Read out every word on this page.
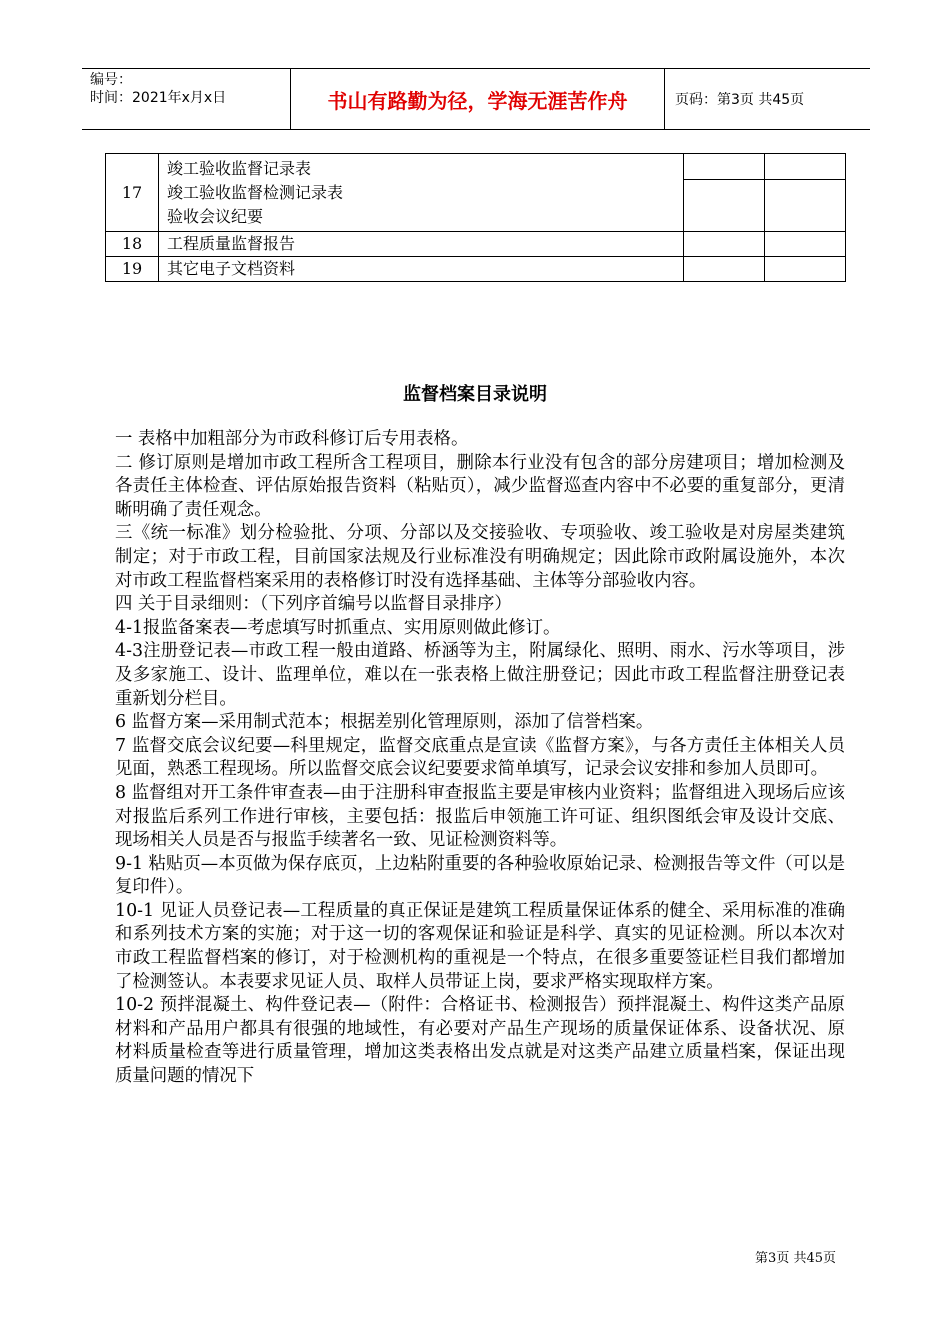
编号：
时间：2021年x月x日	书山有路勤为径，学海无涯苦作舟	页码：第3页 共45页
17	竣工验收监督记录表
竣工验收监督检测记录表
验收会议纪要		

18	工程质量监督报告		
19	其它电子文档资料		
监督档案目录说明

一 表格中加粗部分为市政科修订后专用表格。

二 修订原则是增加市政工程所含工程项目，删除本行业没有包含的部分房建项目；增加检测及各责任主体检查、评估原始报告资料（粘贴页），减少监督巡查内容中不必要的重复部分，更清晰明确了责任观念。

三《统一标准》划分检验批、分项、分部以及交接验收、专项验收、竣工验收是对房屋类建筑制定；对于市政工程，目前国家法规及行业标准没有明确规定；因此除市政附属设施外，本次对市政工程监督档案采用的表格修订时没有选择基础、主体等分部验收内容。

四 关于目录细则：（下列序首编号以监督目录排序）

4-1报监备案表—考虑填写时抓重点、实用原则做此修订。

4-3注册登记表—市政工程一般由道路、桥涵等为主，附属绿化、照明、雨水、污水等项目，涉及多家施工、设计、监理单位，难以在一张表格上做注册登记；因此市政工程监督注册登记表重新划分栏目。

6 监督方案—采用制式范本；根据差别化管理原则，添加了信誉档案。

7 监督交底会议纪要—科里规定，监督交底重点是宣读《监督方案》，与各方责任主体相关人员见面，熟悉工程现场。所以监督交底会议纪要要求简单填写，记录会议安排和参加人员即可。

8 监督组对开工条件审查表—由于注册科审查报监主要是审核内业资料；监督组进入现场后应该对报监后系列工作进行审核，主要包括：报监后申领施工许可证、组织图纸会审及设计交底、现场相关人员是否与报监手续著名一致、见证检测资料等。

9-1 粘贴页—本页做为保存底页，上边粘附重要的各种验收原始记录、检测报告等文件（可以是复印件）。

10-1 见证人员登记表—工程质量的真正保证是建筑工程质量保证体系的健全、采用标准的准确和系列技术方案的实施；对于这一切的客观保证和验证是科学、真实的见证检测。所以本次对市政工程监督档案的修订，对于检测机构的重视是一个特点，在很多重要签证栏目我们都增加了检测签认。本表要求见证人员、取样人员带证上岗，要求严格实现取样方案。

10-2 预拌混凝土、构件登记表—（附件：合格证书、检测报告）预拌混凝土、构件这类产品原材料和产品用户都具有很强的地域性，有必要对产品生产现场的质量保证体系、设备状况、原材料质量检查等进行质量管理，增加这类表格出发点就是对这类产品建立质量档案，保证出现质量问题的情况下

第3页 共45页
